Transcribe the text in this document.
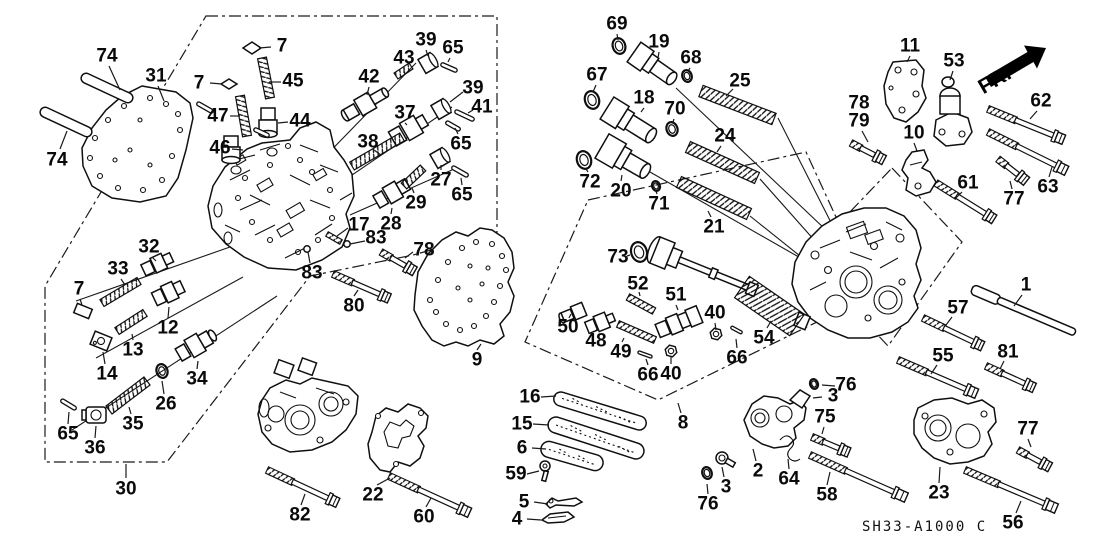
FR.
SH33-A1000 C
74
31
7
7	45
47	44
46
74
42
43
39 65
39
41
37
38	65
27
29 65
28
17
83
83
78
80
9
32
33
7
12
13
14	34
26
35
65
36
30
69
19
68
67
18
70
25
24
72 20
71
21
73
52
51
50
48
49
40
66
54
66 40
8
16
15
6
59
5
4
22
82	60
11
53
78
79
62
10
61
77
63
1
57
55 81
76
3
75
2 64
3
76	58	23
77
56
